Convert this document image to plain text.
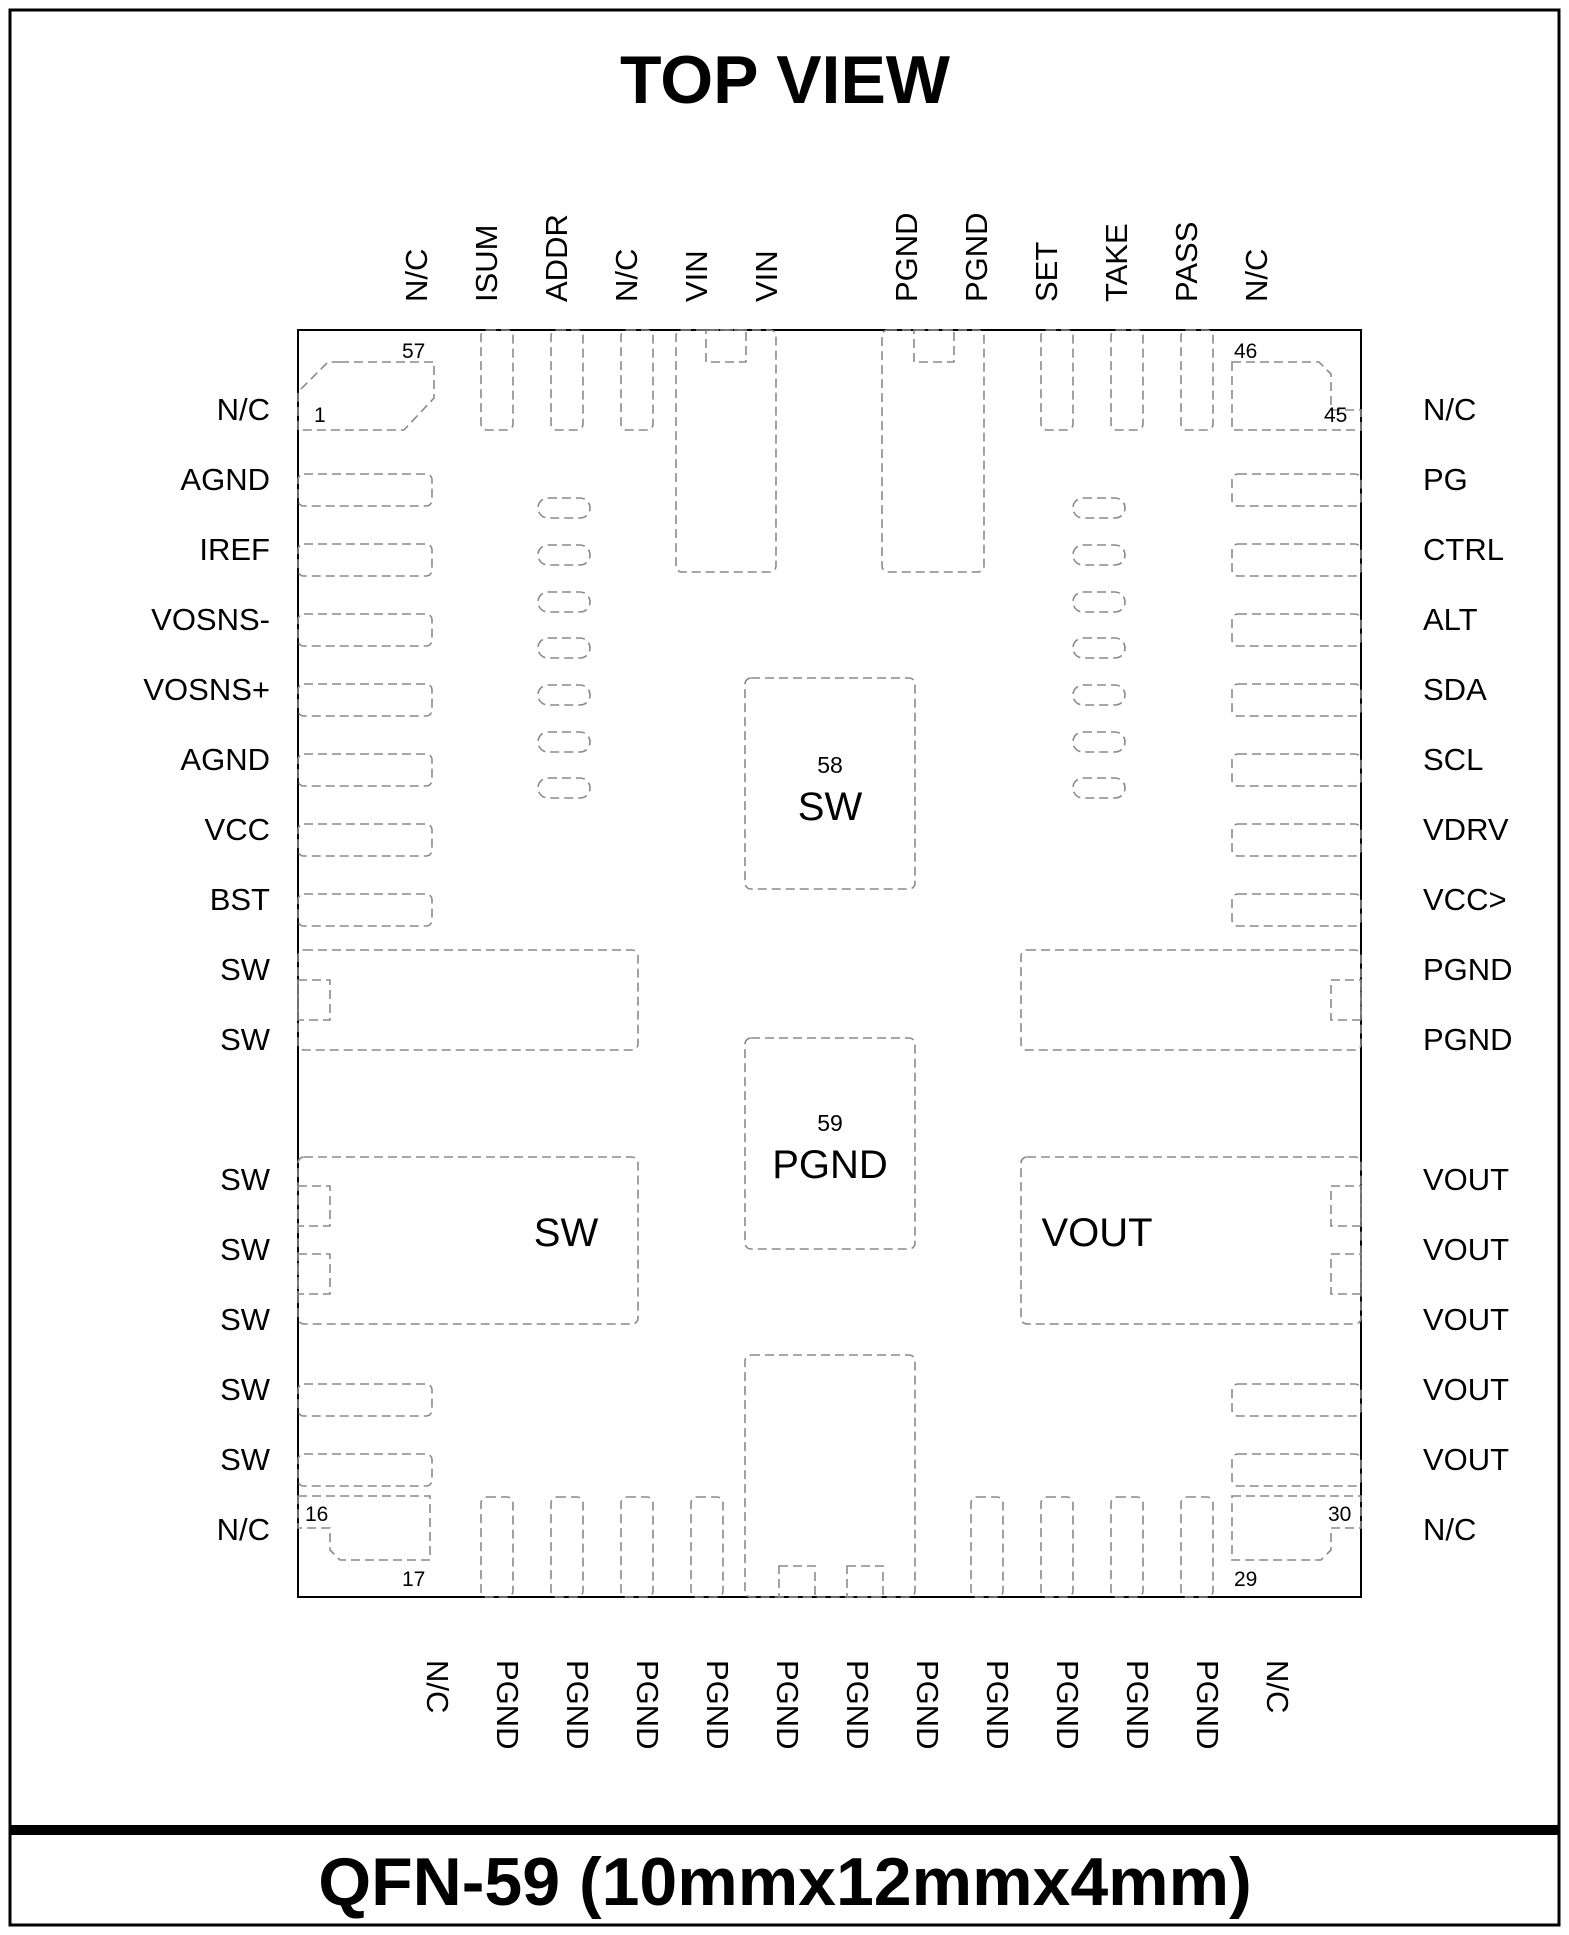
TOP VIEW
QFN-59 (10mmx12mmx4mm)
58
SW
59
PGND
SW	VOUT
57
1
46
45
16
17	29
30
N/C ISUM ADDR N/C VIN VIN	PGND PGND SET TAKE PASS N/C
N/C PGND PGND PGND PGND PGND PGND PGND PGND PGND PGND PGND N/C
N/C
AGND
IREF
VOSNS-
VOSNS+
AGND
VCC
BST
SW
SW
SW
SW
SW
SW
SW
N/C
N/C
PG
CTRL
ALT
SDA
SCL
VDRV
VCC>
PGND
PGND
VOUT
VOUT
VOUT
VOUT
VOUT
N/C
